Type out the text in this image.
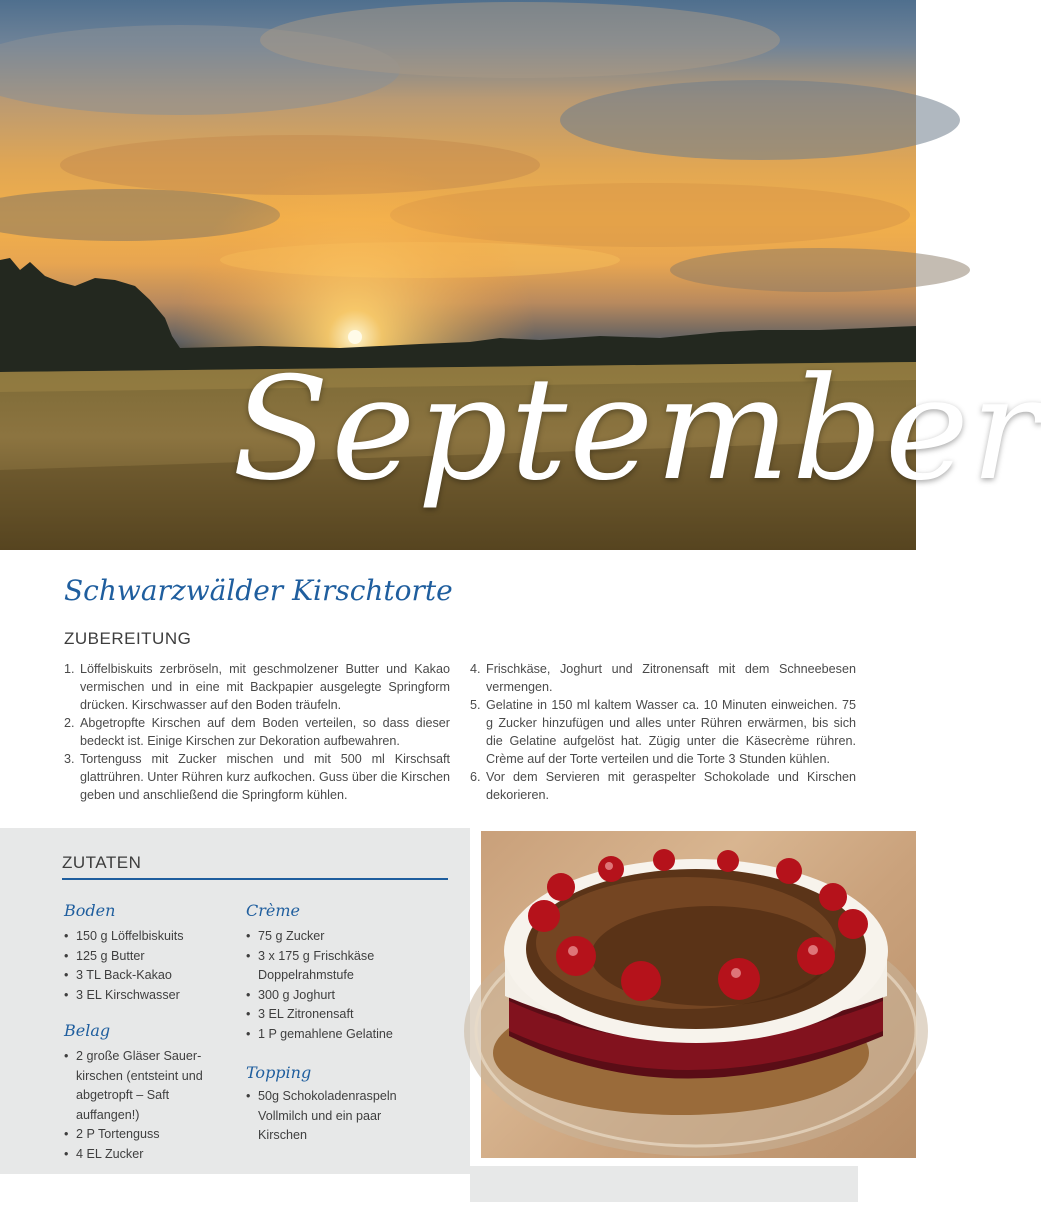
September
Schwarzwälder Kirschtorte
ZUBEREITUNG
1. Löffelbiskuits zerbröseln, mit geschmolzener Butter und Kakao vermischen und in eine mit Backpapier ausgelegte Springform drücken. Kirschwasser auf den Boden träufeln.
2. Abgetropfte Kirschen auf dem Boden verteilen, so dass dieser bedeckt ist. Einige Kirschen zur Dekoration aufbewahren.
3. Tortenguss mit Zucker mischen und mit 500 ml Kirschsaft glattrühren. Unter Rühren kurz aufkochen. Guss über die Kirschen geben und anschließend die Springform kühlen.
4. Frischkäse, Joghurt und Zitronensaft mit dem Schneebesen vermengen.
5. Gelatine in 150 ml kaltem Wasser ca. 10 Minuten einweichen. 75 g Zucker hinzufügen und alles unter Rühren erwärmen, bis sich die Gelatine aufgelöst hat. Zügig unter die Käsecrème rühren. Crème auf der Torte verteilen und die Torte 3 Stunden kühlen.
6. Vor dem Servieren mit geraspelter Schokolade und Kirschen dekorieren.
ZUTATEN
Boden
• 150 g Löffelbiskuits
• 125 g Butter
• 3 TL Back-Kakao
• 3 EL Kirschwasser
Belag
• 2 große Gläser Sauer-kirschen (entsteint und abgetropft – Saft auffangen!)
• 2 P Tortenguss
• 4 EL Zucker
Crème
• 75 g Zucker
• 3 x 175 g Frischkäse Doppelrahmstufe
• 300 g Joghurt
• 3 EL Zitronensaft
• 1 P gemahlene Gelatine
Topping
• 50g Schokoladenraspeln Vollmilch und ein paar Kirschen
